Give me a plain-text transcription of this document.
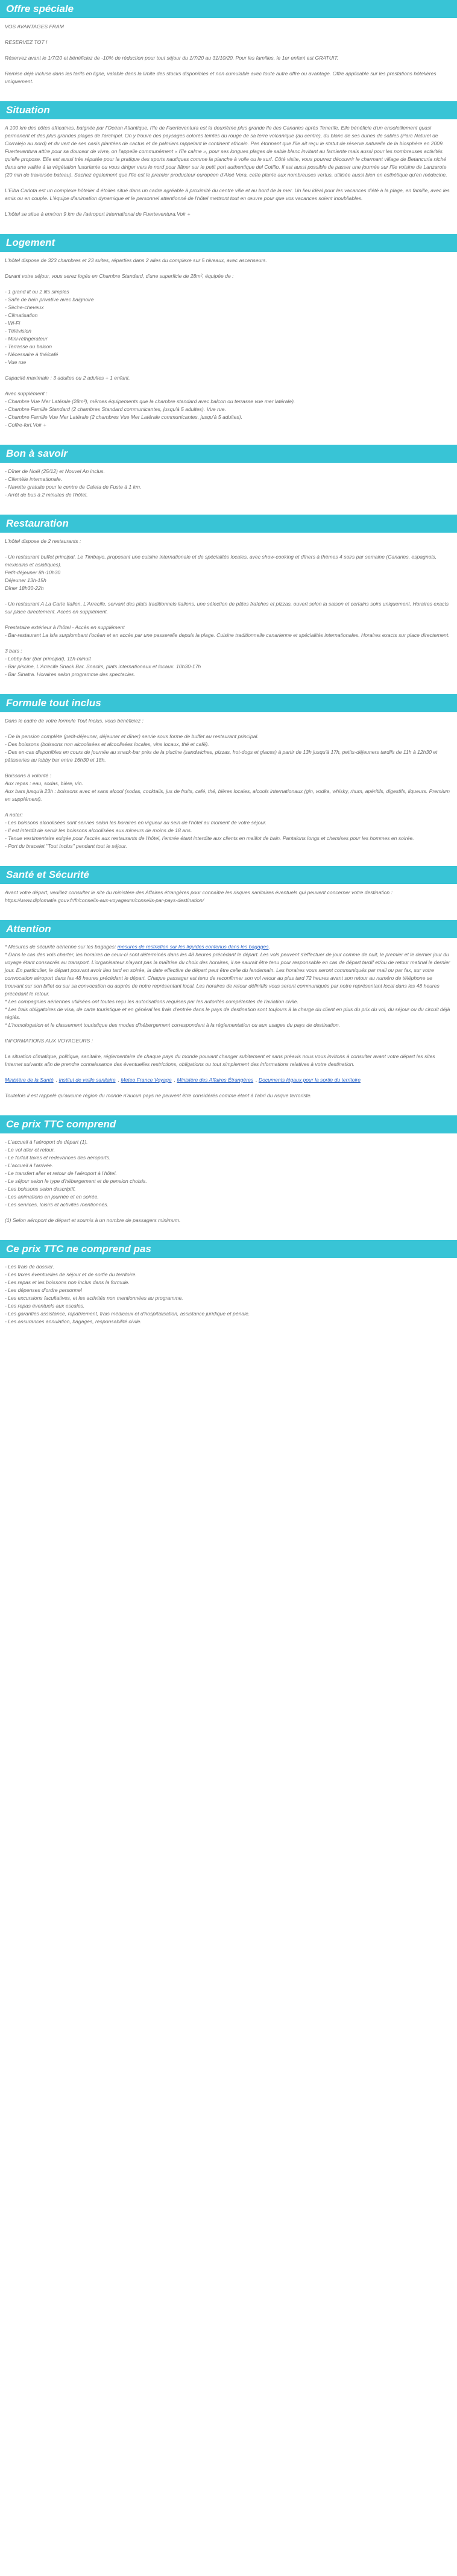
Offre spéciale
VOS AVANTAGES FRAM
RESERVEZ TOT !
Réservez avant le 1/7/20 et bénéficiez de -10% de réduction pour tout séjour du 1/7/20 au 31/10/20. Pour les familles, le 1er enfant est GRATUIT.
Remise déjà incluse dans les tarifs en ligne, valable dans la limite des stocks disponibles et non cumulable avec toute autre offre ou avantage. Offre applicable sur les prestations hôtelières uniquement.
Situation
A 100 km des côtes africaines, baignée par l'Océan Atlantique, l'île de Fuerteventura est la deuxième plus grande île des Canaries après Tenerife. Elle bénéficie d'un ensoleillement quasi permanent et des plus grandes plages de l'archipel. On y trouve des paysages colorés teintés du rouge de sa terre volcanique (au centre), du blanc de ses dunes de sables (Parc Naturel de Corralejo au nord) et du vert de ses oasis plantées de cactus et de palmiers rappelant le continent africain. Pas étonnant que l'île ait reçu le statut de réserve naturelle de la biosphère en 2009. Fuerteventura attire pour sa douceur de vivre, on l'appelle communément « l'île calme », pour ses longues plages de sable blanc invitant au farniente mais aussi pour les nombreuses activités qu'elle propose. Elle est aussi très réputée pour la pratique des sports nautiques comme la planche à voile ou le surf. Côté visite, vous pourrez découvrir le charmant village de Betancuria niché dans une vallée à la végétation luxuriante ou vous diriger vers le nord pour flâner sur le petit port authentique del Cotillo. Il est aussi possible de passer une journée sur l'île voisine de Lanzarote (20 min de traversée bateau). Sachez également que l'île est le premier producteur européen d'Aloé Vera, cette plante aux nombreuses vertus, utilisée aussi bien en esthétique qu'en médecine.
L'Elba Carlota est un complexe hôtelier 4 étoiles situé dans un cadre agréable à proximité du centre ville et au bord de la mer. Un lieu idéal pour les vacances d'été à la plage, en famille, avec les amis ou en couple. L'équipe d'animation dynamique et le personnel attentionné de l'hôtel mettront tout en œuvre pour que vos vacances soient inoubliables.
L'hôtel se situe à environ 9 km de l'aéroport international de Fuerteventura.Voir +
Logement
L'hôtel dispose de 323 chambres et 23 suites, réparties dans 2 ailes du complexe sur 5 niveaux, avec ascenseurs.
Durant votre séjour, vous serez logés en Chambre Standard, d'une superficie de 28m², équipée de :
- 1 grand lit ou 2 lits simples
- Salle de bain privative avec baignoire
- Sèche-cheveux
- Climatisation
- Wi-Fi
- Télévision
- Mini-réfrigérateur
- Terrasse ou balcon
- Nécessaire à thé/café
- Vue rue
Capacité maximale : 3 adultes ou 2 adultes + 1 enfant.
Avec supplément :
- Chambre Vue Mer Latérale (28m²), mêmes équipements que la chambre standard avec balcon ou terrasse vue mer latérale).
- Chambre Famille Standard (2 chambres Standard communicantes, jusqu'à 5 adultes). Vue rue.
- Chambre Famille Vue Mer Latérale (2 chambres Vue Mer Latérale communicantes, jusqu'à 5 adultes).
- Coffre-fort.Voir +
Bon à savoir
- Dîner de Noël (25/12) et Nouvel An inclus.
- Clientèle internationale.
- Navette gratuite pour le centre de Caleta de Fuste à 1 km.
- Arrêt de bus à 2 minutes de l'hôtel.
Restauration
L'hôtel dispose de 2 restaurants :
- Un restaurant buffet principal, Le Timbayo, proposant une cuisine internationale et de spécialités locales, avec show-cooking et dîners à thèmes 4 soirs par semaine (Canaries, espagnols, mexicains et asiatiques).
Petit-déjeuner 8h-10h30
Déjeuner 13h-15h
Dîner 18h30-22h
- Un restaurant A La Carte Italien, L'Arrecife, servant des plats traditionnels italiens, une sélection de pâtes fraîches et pizzas, ouvert selon la saison et certains soirs uniquement. Horaires exacts sur place directement. Accès en supplément.
Prestataire extérieur à l'hôtel - Accès en supplément
- Bar-restaurant La Isla surplombant l'océan et en accès par une passerelle depuis la plage. Cuisine traditionnelle canarienne et spécialités internationales. Horaires exacts sur place directement.
3 bars :
- Lobby bar (bar principal), 11h-minuit
- Bar piscine, L'Arrecife Snack Bar. Snacks, plats internationaux et locaux. 10h30-17h
- Bar Sinatra. Horaires selon programme des spectacles.
Formule tout inclus
Dans le cadre de votre formule Tout Inclus, vous bénéficiez :
- De la pension complète (petit-déjeuner, déjeuner et dîner) servie sous forme de buffet au restaurant principal.
- Des boissons (boissons non alcoolisées et alcoolisées locales, vins locaux, thé et café).
- Des en-cas disponibles en cours de journée au snack-bar près de la piscine (sandwiches, pizzas, hot-dogs et glaces) à partir de 13h jusqu'à 17h, petits-déjeuners tardifs de 11h à 12h30 et pâtisseries au lobby bar entre 16h30 et 18h.
Boissons à volonté :
Aux repas : eau, sodas, bière, vin.
Aux bars jusqu'à 23h : boissons avec et sans alcool (sodas, cocktails, jus de fruits, café, thé, bières locales, alcools internationaux (gin, vodka, whisky, rhum, apéritifs, digestifs, liqueurs. Premium en supplément).
A noter:
- Les boissons alcoolisées sont servies selon les horaires en vigueur au sein de l'hôtel au moment de votre séjour.
- Il est interdit de servir les boissons alcoolisées aux mineurs de moins de 18 ans.
- Tenue vestimentaire exigée pour l'accès aux restaurants de l'hôtel, l'entrée étant interdite aux clients en maillot de bain. Pantalons longs et chemises pour les hommes en soirée.
- Port du bracelet "Tout Inclus" pendant tout le séjour.
Santé et Sécurité
Avant votre départ, veuillez consulter le site du ministère des Affaires étrangères pour connaître les risques sanitaires éventuels qui peuvent concerner votre destination : https://www.diplomatie.gouv.fr/fr/conseils-aux-voyageurs/conseils-par-pays-destination/
Attention
* Mesures de sécurité aérienne sur les bagages: mesures de restriction sur les liquides contenus dans les bagages.
* Dans le cas des vols charter, les horaires de ceux-ci sont déterminés dans les 48 heures précédant le départ. Les vols peuvent s'effectuer de jour comme de nuit, le premier et le dernier jour du voyage étant consacrés au transport. L'organisateur n'ayant pas la maîtrise du choix des horaires, il ne saurait être tenu pour responsable en cas de départ tardif et/ou de retour matinal le dernier jour. En particulier, le départ pouvant avoir lieu tard en soirée, la date effective de départ peut être celle du lendemain. Les horaires vous seront communiqués par mail ou par fax, sur votre convocation aéroport dans les 48 heures précédant le départ. Chaque passager est tenu de reconfirmer son vol retour au plus tard 72 heures avant son retour au numéro de téléphone se trouvant sur son billet ou sur sa convocation ou auprès de notre représentant local. Les horaires de retour définitifs vous seront communiqués par notre représentant local dans les 48 heures précédant le retour.
* Les compagnies aériennes utilisées ont toutes reçu les autorisations requises par les autorités compétentes de l'aviation civile.
* Les frais obligatoires de visa, de carte touristique et en général les frais d'entrée dans le pays de destination sont toujours à la charge du client en plus du prix du vol, du séjour ou du circuit déjà réglés.
* L'homologation et le classement touristique des modes d'hébergement correspondent à la réglementation ou aux usages du pays de destination.
INFORMATIONS AUX VOYAGEURS :
La situation climatique, politique, sanitaire, réglementaire de chaque pays du monde pouvant changer subitement et sans préavis nous vous invitons à consulter avant votre départ les sites Internet suivants afin de prendre connaissance des éventuelles restrictions, obligations ou tout simplement des informations relatives à votre destination.
Ministère de la Santé , Institut de veille sanitaire , Meteo France Voyage , Ministère des Affaires Étrangères , Documents légaux pour la sortie du territoire
Toutefois il est rappelé qu'aucune région du monde n'aucun pays ne peuvent être considérés comme étant à l'abri du risque terroriste.
Ce prix TTC comprend
- L'accueil à l'aéroport de départ (1).
- Le vol aller et retour.
- Le forfait taxes et redevances des aéroports.
- L'accueil à l'arrivée.
- Le transfert aller et retour de l'aéroport à l'hôtel.
- Le séjour selon le type d'hébergement et de pension choisis.
- Les boissons selon descriptif.
- Les animations en journée et en soirée.
- Les services, loisirs et activités mentionnés.
(1) Selon aéroport de départ et soumis à un nombre de passagers minimum.
Ce prix TTC ne comprend pas
- Les frais de dossier.
- Les taxes éventuelles de séjour et de sortie du territoire.
- Les repas et les boissons non inclus dans la formule.
- Les dépenses d'ordre personnel
- Les excursions facultatives, et les activités non mentionnées au programme.
- Les repas éventuels aux escales.
- Les garanties assistance, rapatriement, frais médicaux et d'hospitalisation, assistance juridique et pénale.
- Les assurances annulation, bagages, responsabilité civile.
